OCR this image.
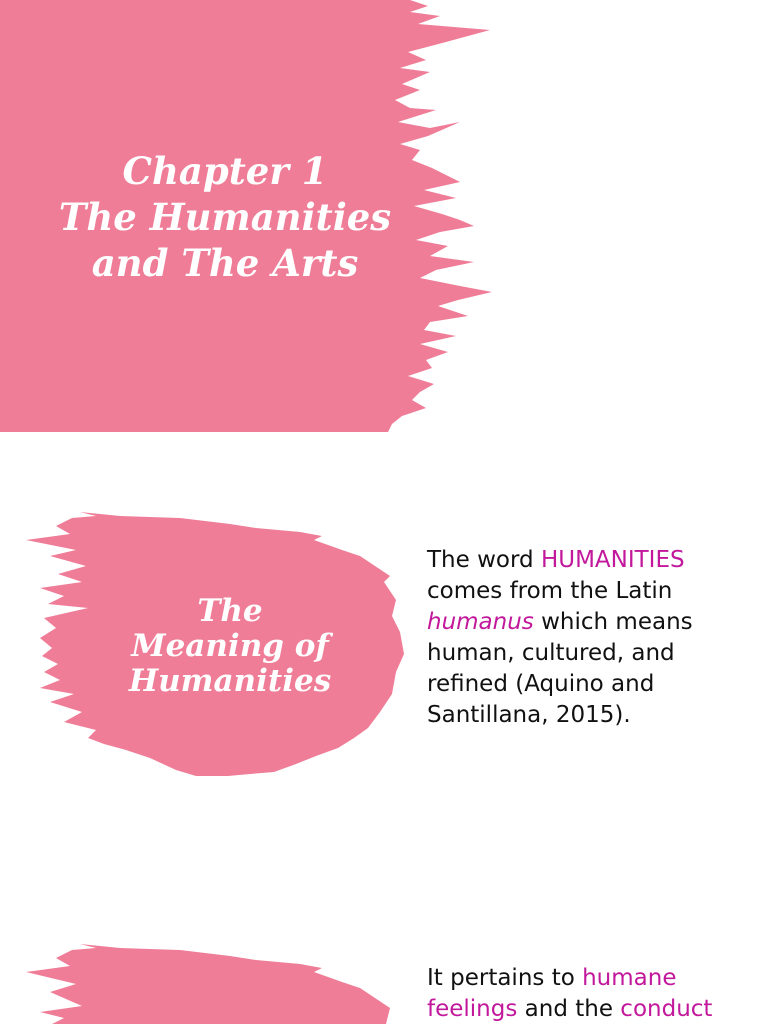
Chapter 1
The Humanities
and The Arts
The
Meaning of
Humanities

The word HUMANITIES comes from the Latin humanus which means human, cultured, and refined (Aquino and Santillana, 2015).

It pertains to humane feelings and the conduct
